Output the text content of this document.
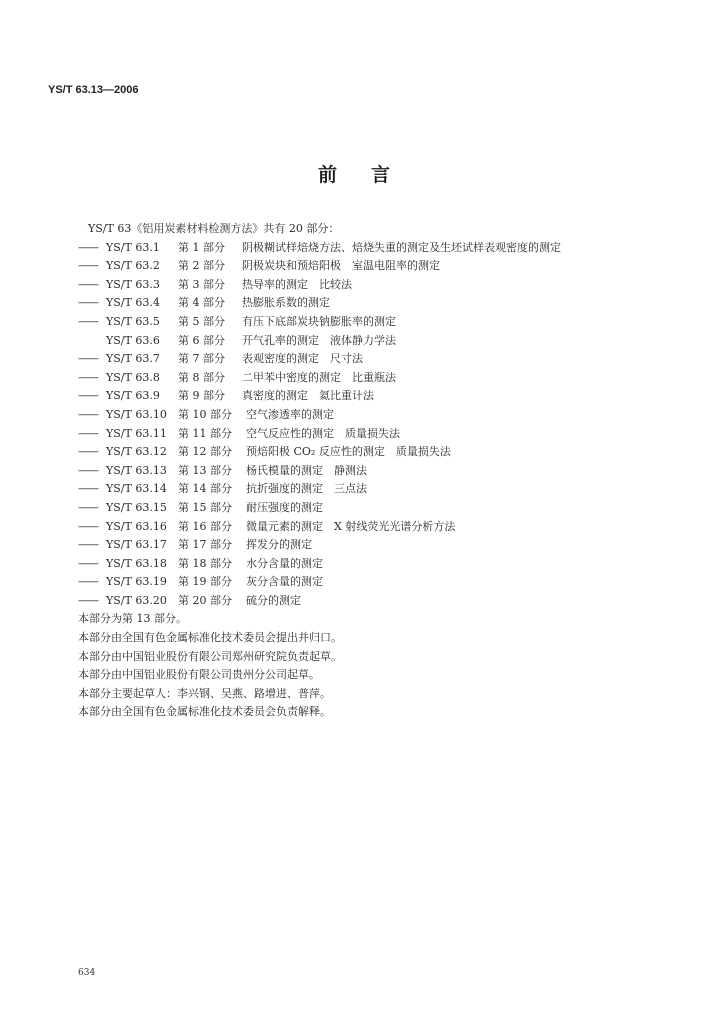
YS/T 63.13—2006
前言
YS/T 63《铝用炭素材料检测方法》共有 20 部分：
—— YS/T 63.1	第 1 部分	阴极糊试样焙烧方法、焙烧失重的测定及生坯试样表观密度的测定
—— YS/T 63.2	第 2 部分	阴极炭块和预焙阳极　室温电阻率的测定
—— YS/T 63.3	第 3 部分	热导率的测定　比较法
—— YS/T 63.4	第 4 部分	热膨胀系数的测定
—— YS/T 63.5	第 5 部分	有压下底部炭块钠膨胀率的测定
YS/T 63.6	第 6 部分	开气孔率的测定　液体静力学法
—— YS/T 63.7	第 7 部分	表观密度的测定　尺寸法
—— YS/T 63.8	第 8 部分	二甲苯中密度的测定　比重瓶法
—— YS/T 63.9	第 9 部分	真密度的测定　氦比重计法
—— YS/T 63.10	第 10 部分	空气渗透率的测定
—— YS/T 63.11	第 11 部分	空气反应性的测定　质量损失法
—— YS/T 63.12	第 12 部分	预焙阳极 CO₂ 反应性的测定　质量损失法
—— YS/T 63.13	第 13 部分	杨氏模量的测定　静测法
—— YS/T 63.14	第 14 部分	抗折强度的测定　三点法
—— YS/T 63.15	第 15 部分	耐压强度的测定
—— YS/T 63.16	第 16 部分	微量元素的测定　X 射线荧光光谱分析方法
—— YS/T 63.17	第 17 部分	挥发分的测定
—— YS/T 63.18	第 18 部分	水分含量的测定
—— YS/T 63.19	第 19 部分	灰分含量的测定
—— YS/T 63.20	第 20 部分	硫分的测定
本部分为第 13 部分。
本部分由全国有色金属标准化技术委员会提出并归口。
本部分由中国铝业股份有限公司郑州研究院负责起草。
本部分由中国铝业股份有限公司贵州分公司起草。
本部分主要起草人：李兴钢、吴燕、路增进、普萍。
本部分由全国有色金属标准化技术委员会负责解释。
634
